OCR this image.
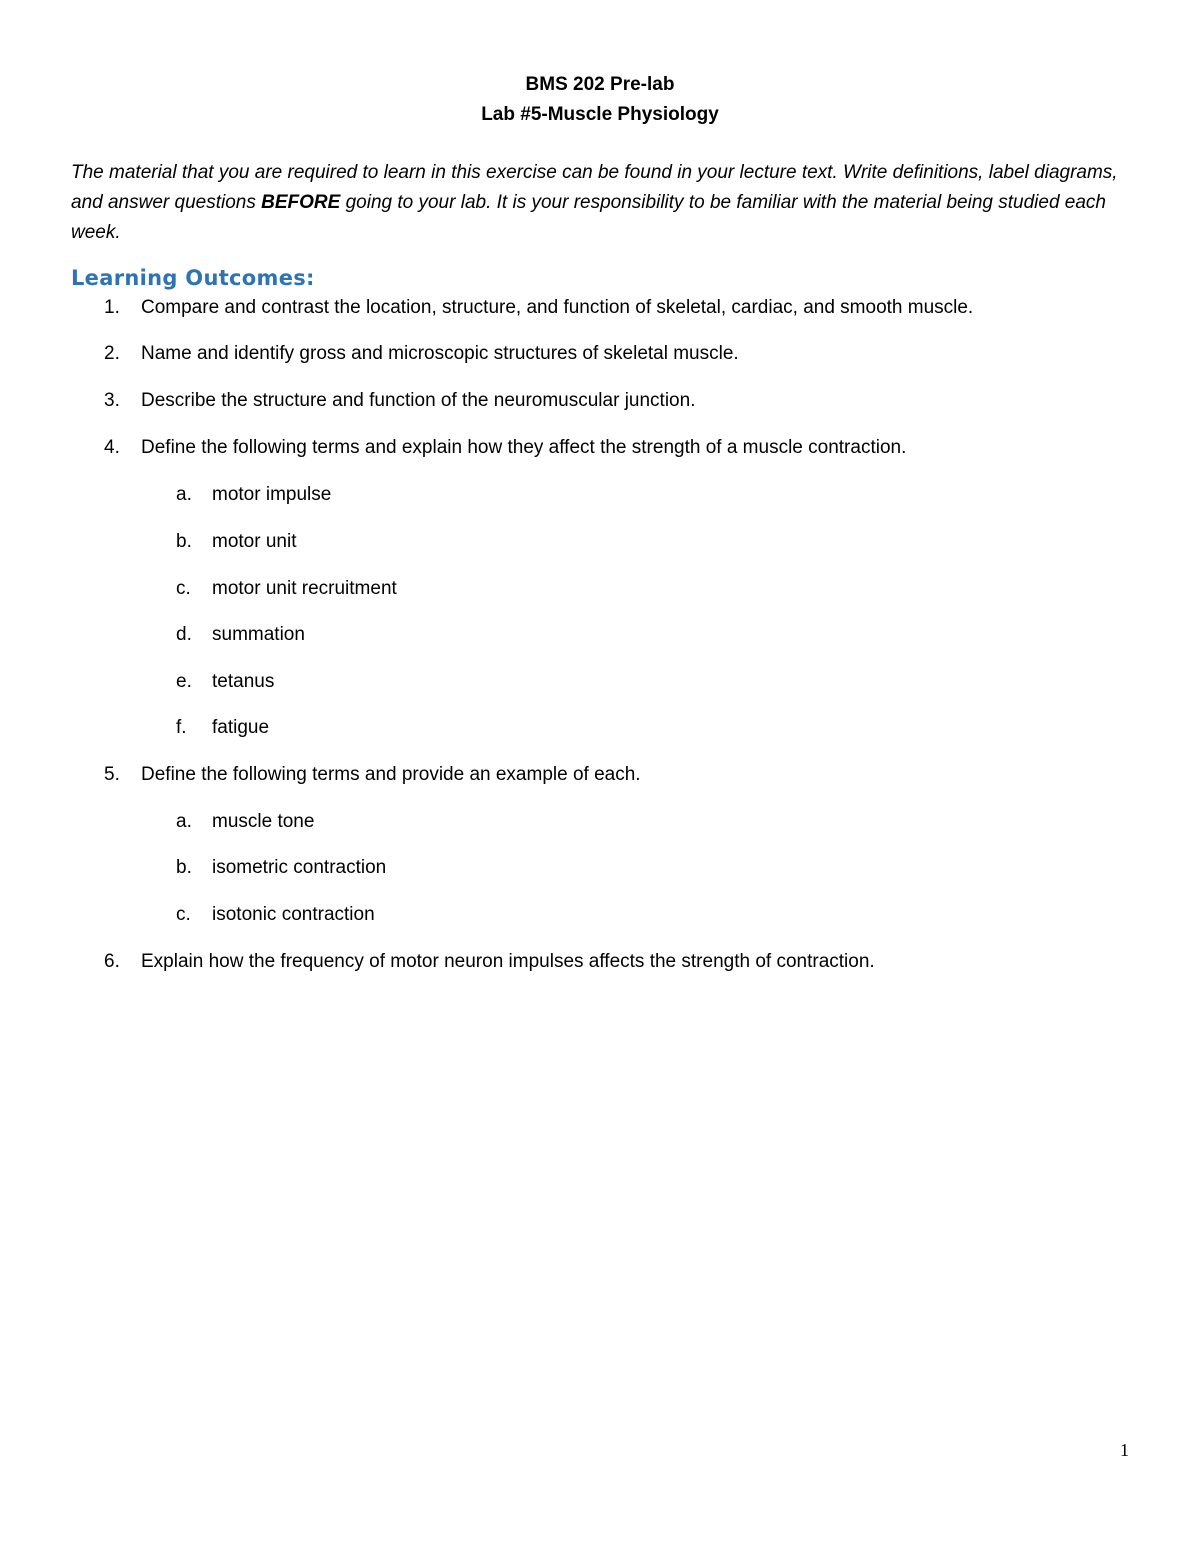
BMS 202 Pre-lab
Lab #5-Muscle Physiology
The material that you are required to learn in this exercise can be found in your lecture text. Write definitions, label diagrams, and answer questions BEFORE going to your lab. It is your responsibility to be familiar with the material being studied each week.
Learning Outcomes:
1. Compare and contrast the location, structure, and function of skeletal, cardiac, and smooth muscle.
2. Name and identify gross and microscopic structures of skeletal muscle.
3. Describe the structure and function of the neuromuscular junction.
4. Define the following terms and explain how they affect the strength of a muscle contraction.
a. motor impulse
b. motor unit
c. motor unit recruitment
d. summation
e. tetanus
f. fatigue
5. Define the following terms and provide an example of each.
a. muscle tone
b. isometric contraction
c. isotonic contraction
6. Explain how the frequency of motor neuron impulses affects the strength of contraction.
1
